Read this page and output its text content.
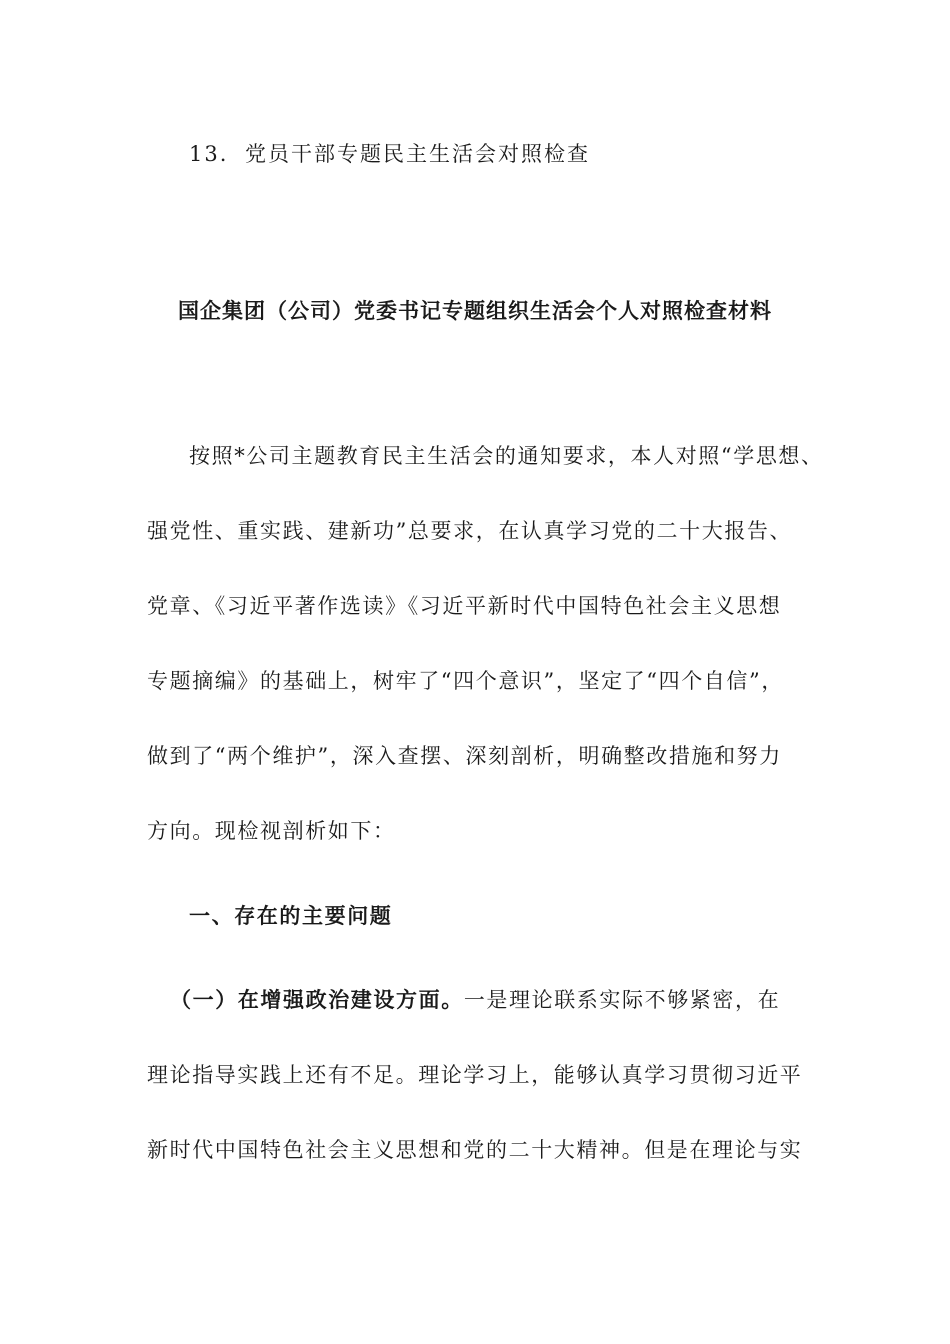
13. 党员干部专题民主生活会对照检查
国企集团（公司）党委书记专题组织生活会个人对照检查材料
按照*公司主题教育民主生活会的通知要求，本人对照“学思想、
强党性、重实践、建新功”总要求，在认真学习党的二十大报告、
党章、《习近平著作选读》《习近平新时代中国特色社会主义思想
专题摘编》的基础上，树牢了“四个意识”，坚定了“四个自信”，
做到了“两个维护”，深入查摆、深刻剖析，明确整改措施和努力
方向。现检视剖析如下：
一、存在的主要问题
（一）在增强政治建设方面。一是理论联系实际不够紧密，在
理论指导实践上还有不足。理论学习上，能够认真学习贯彻习近平
新时代中国特色社会主义思想和党的二十大精神。但是在理论与实
